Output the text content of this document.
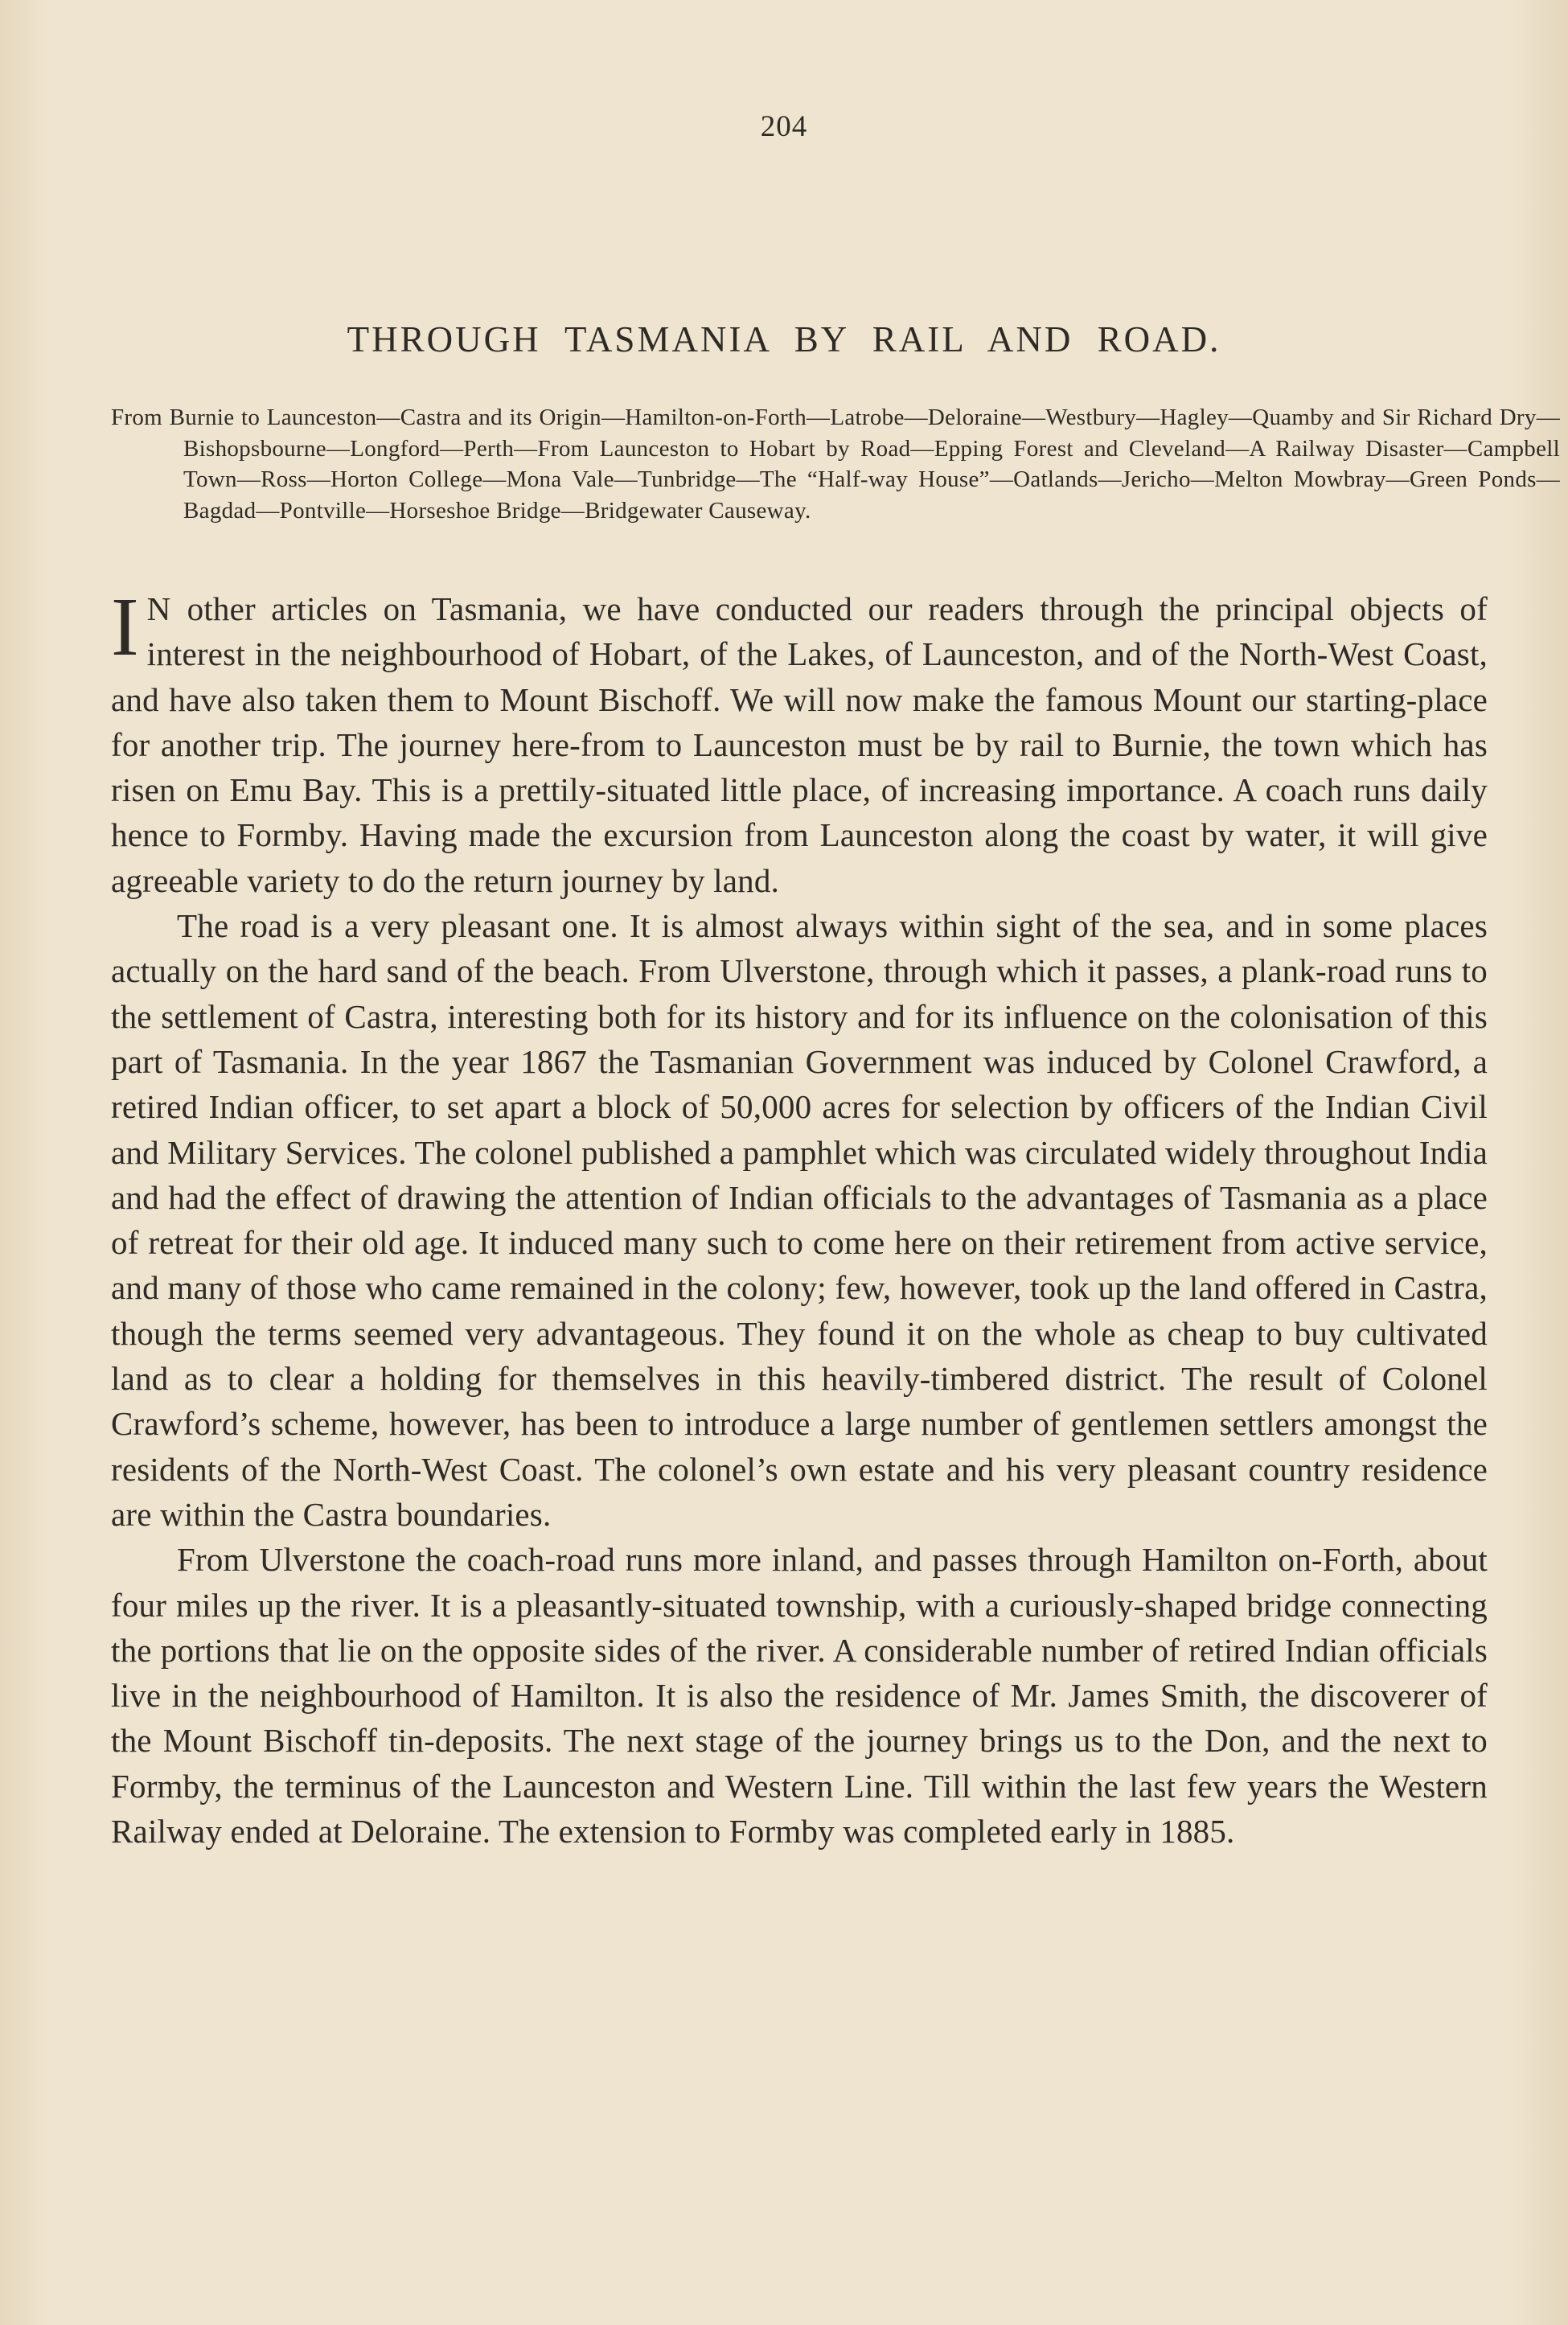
204
THROUGH TASMANIA BY RAIL AND ROAD.
From Burnie to Launceston—Castra and its Origin—Hamilton-on-Forth—Latrobe—Deloraine—Westbury—Hagley—Quamby and Sir Richard Dry—Bishopsbourne—Longford—Perth—From Launceston to Hobart by Road—Epping Forest and Cleveland—A Railway Disaster—Campbell Town—Ross—Horton College—Mona Vale—Tunbridge—The “Half-way House”—Oatlands—Jericho—Melton Mowbray—Green Ponds—Bagdad—Pontville—Horseshoe Bridge—Bridgewater Causeway.

I N other articles on Tasmania, we have conducted our readers through the principal objects of interest in the neighbourhood of Hobart, of the Lakes, of Launceston, and of the North-West Coast, and have also taken them to Mount Bischoff. We will now make the famous Mount our starting-place for another trip. The journey here-from to Launceston must be by rail to Burnie, the town which has risen on Emu Bay. This is a prettily-situated little place, of increasing importance. A coach runs daily hence to Formby. Having made the excursion from Launceston along the coast by water, it will give agreeable variety to do the return journey by land.

The road is a very pleasant one. It is almost always within sight of the sea, and in some places actually on the hard sand of the beach. From Ulverstone, through which it passes, a plank-road runs to the settlement of Castra, interesting both for its history and for its influence on the colonisation of this part of Tasmania. In the year 1867 the Tasmanian Government was induced by Colonel Crawford, a retired Indian officer, to set apart a block of 50,000 acres for selection by officers of the Indian Civil and Military Services. The colonel published a pamphlet which was circulated widely throughout India and had the effect of drawing the attention of Indian officials to the advantages of Tasmania as a place of retreat for their old age. It induced many such to come here on their retirement from active service, and many of those who came remained in the colony; few, however, took up the land offered in Castra, though the terms seemed very advantageous. They found it on the whole as cheap to buy cultivated land as to clear a holding for themselves in this heavily-timbered district. The result of Colonel Crawford’s scheme, however, has been to introduce a large number of gentlemen settlers amongst the residents of the North-West Coast. The colonel’s own estate and his very pleasant country residence are within the Castra boundaries.

From Ulverstone the coach-road runs more inland, and passes through Hamilton on-Forth, about four miles up the river. It is a pleasantly-situated township, with a curiously-shaped bridge connecting the portions that lie on the opposite sides of the river. A considerable number of retired Indian officials live in the neighbourhood of Hamilton. It is also the residence of Mr. James Smith, the discoverer of the Mount Bischoff tin-deposits. The next stage of the journey brings us to the Don, and the next to Formby, the terminus of the Launceston and Western Line. Till within the last few years the Western Railway ended at Deloraine. The extension to Formby was completed early in 1885.
